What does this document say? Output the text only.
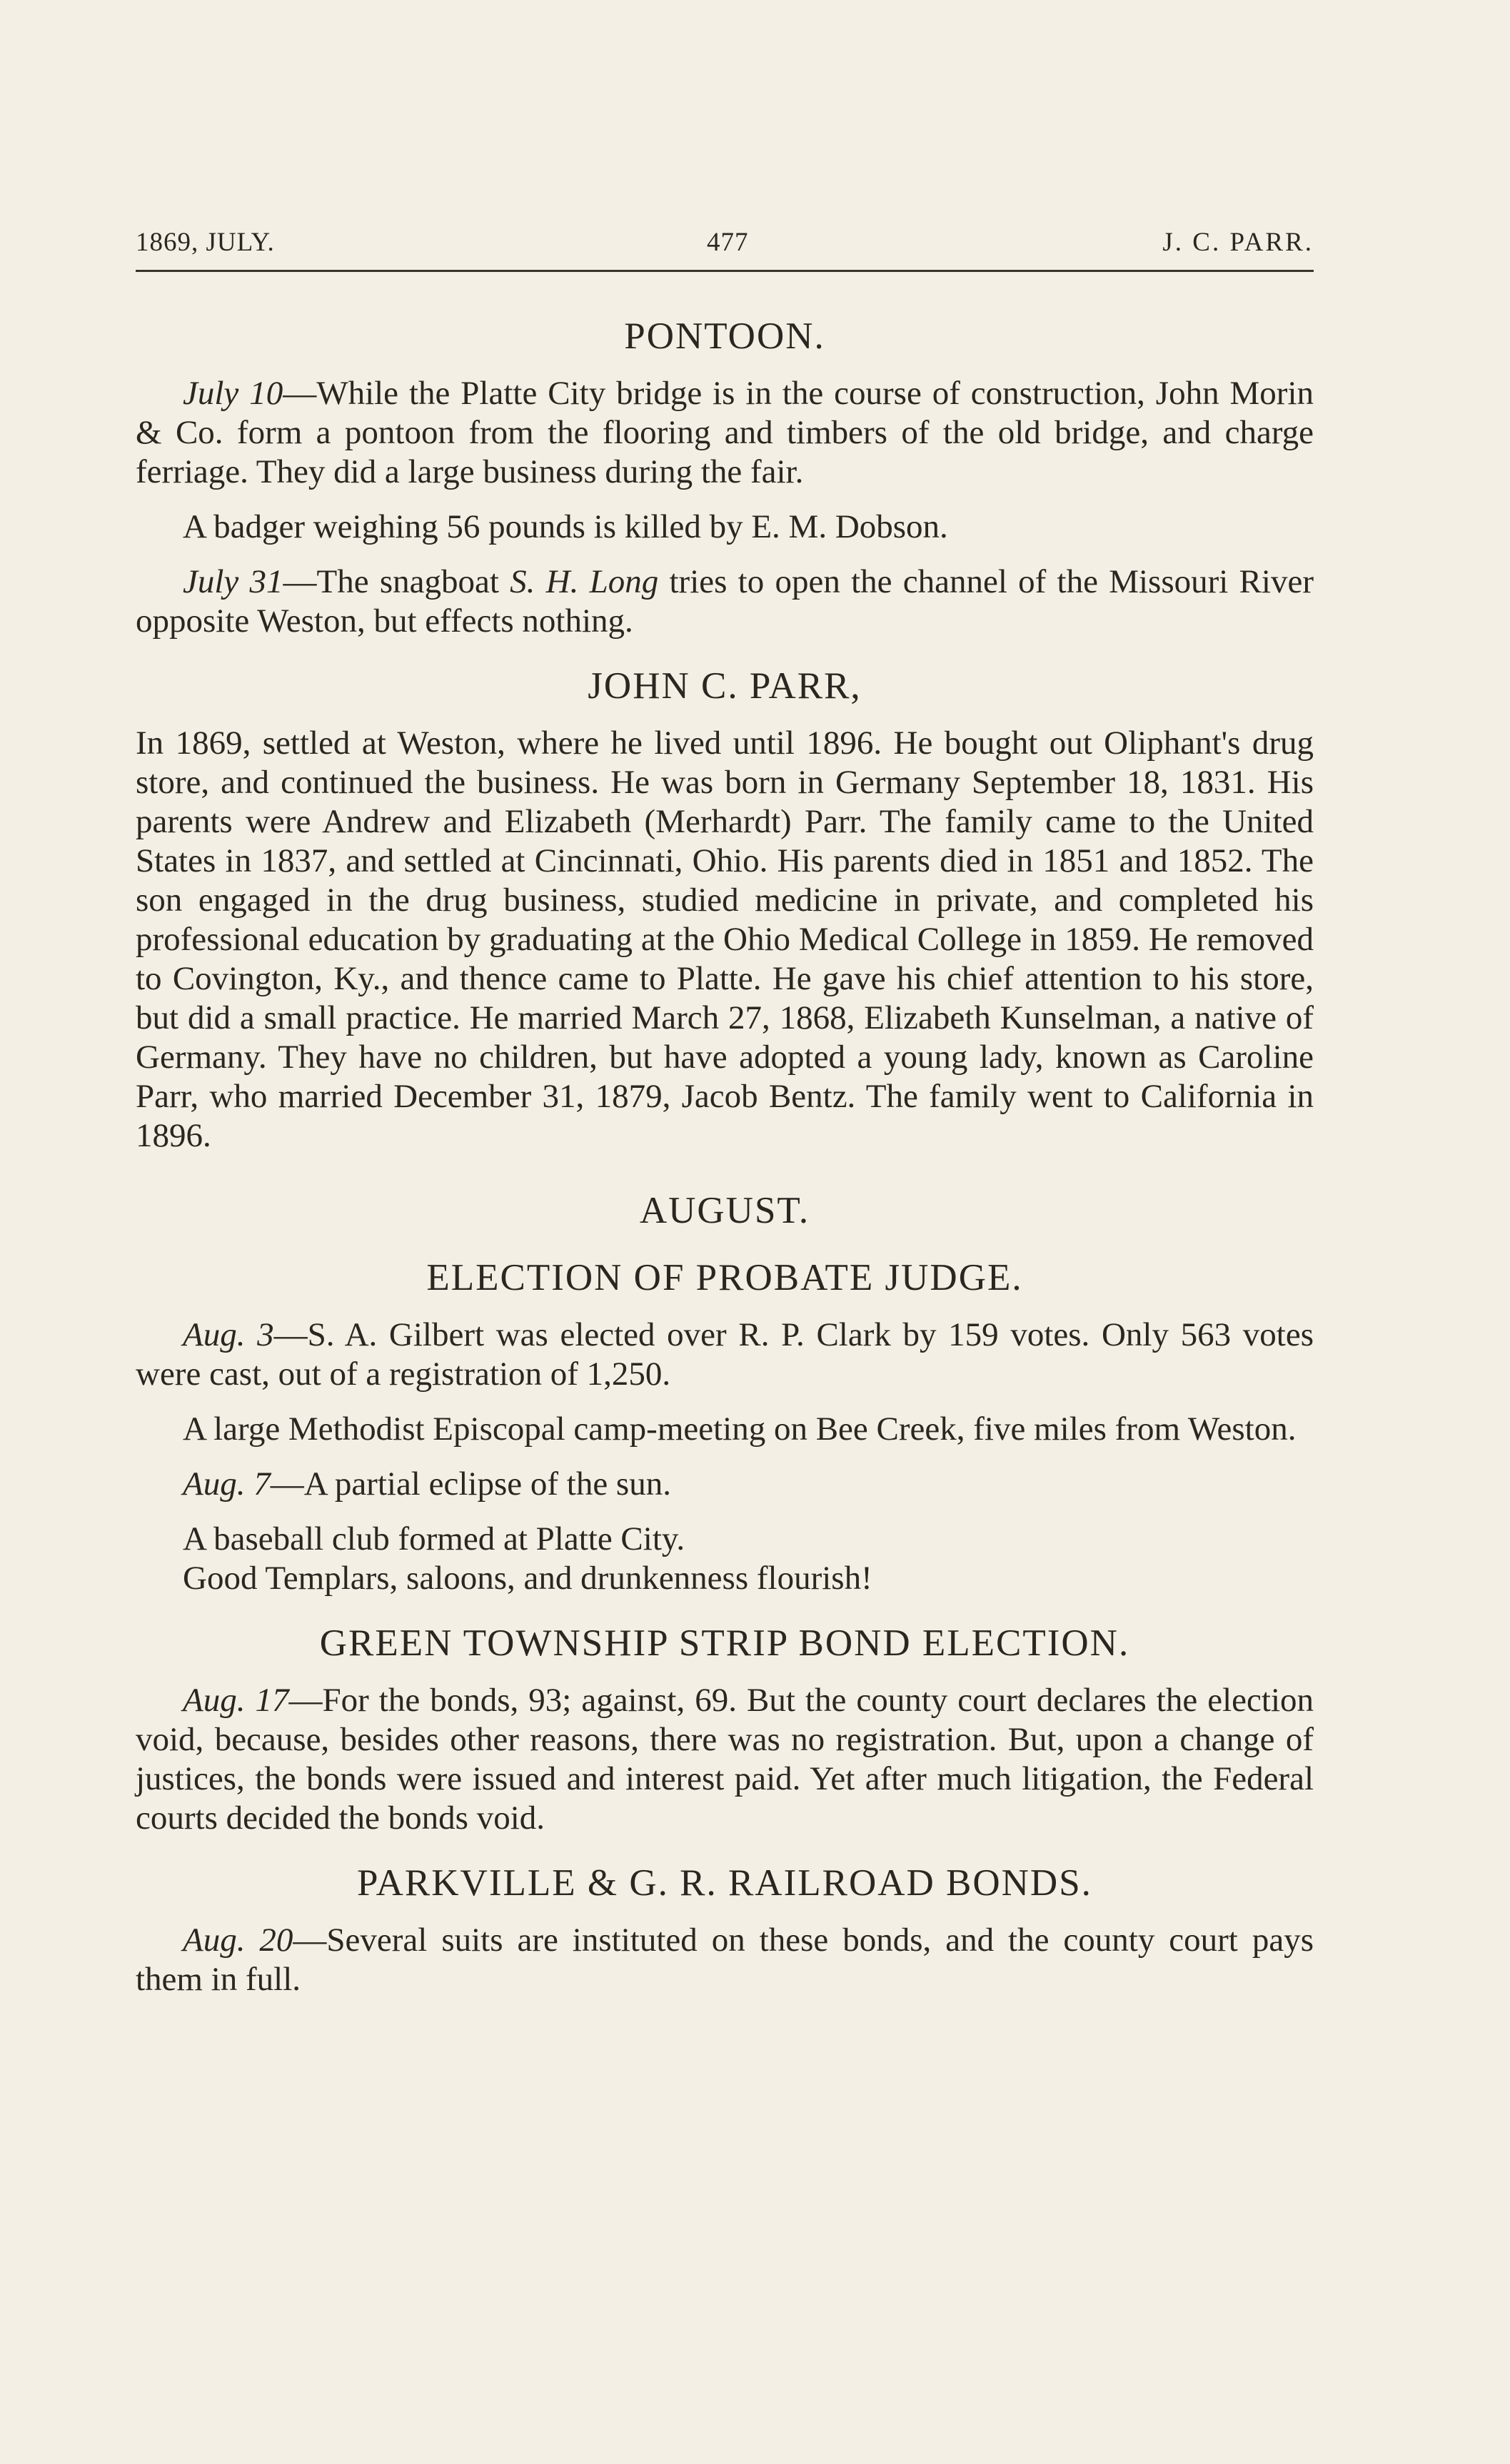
1869, JULY.	477	J. C. PARR.
PONTOON.

July 10—While the Platte City bridge is in the course of construction, John Morin & Co. form a pontoon from the flooring and timbers of the old bridge, and charge ferriage. They did a large business during the fair.

A badger weighing 56 pounds is killed by E. M. Dobson.

July 31—The snagboat S. H. Long tries to open the channel of the Missouri River opposite Weston, but effects nothing.

JOHN C. PARR,

In 1869, settled at Weston, where he lived until 1896. He bought out Oliphant's drug store, and continued the business. He was born in Germany September 18, 1831. His parents were Andrew and Elizabeth (Merhardt) Parr. The family came to the United States in 1837, and settled at Cincinnati, Ohio. His parents died in 1851 and 1852. The son engaged in the drug business, studied medicine in private, and completed his professional education by graduating at the Ohio Medical College in 1859. He removed to Covington, Ky., and thence came to Platte. He gave his chief attention to his store, but did a small practice. He married March 27, 1868, Elizabeth Kunselman, a native of Germany. They have no children, but have adopted a young lady, known as Caroline Parr, who married December 31, 1879, Jacob Bentz. The family went to California in 1896.

AUGUST.
ELECTION OF PROBATE JUDGE.

Aug. 3—S. A. Gilbert was elected over R. P. Clark by 159 votes. Only 563 votes were cast, out of a registration of 1,250.

A large Methodist Episcopal camp-meeting on Bee Creek, five miles from Weston.

Aug. 7—A partial eclipse of the sun.

A baseball club formed at Platte City.

Good Templars, saloons, and drunkenness flourish!

GREEN TOWNSHIP STRIP BOND ELECTION.

Aug. 17—For the bonds, 93; against, 69. But the county court declares the election void, because, besides other reasons, there was no registration. But, upon a change of justices, the bonds were issued and interest paid. Yet after much litigation, the Federal courts decided the bonds void.

PARKVILLE & G. R. RAILROAD BONDS.

Aug. 20—Several suits are instituted on these bonds, and the county court pays them in full.
